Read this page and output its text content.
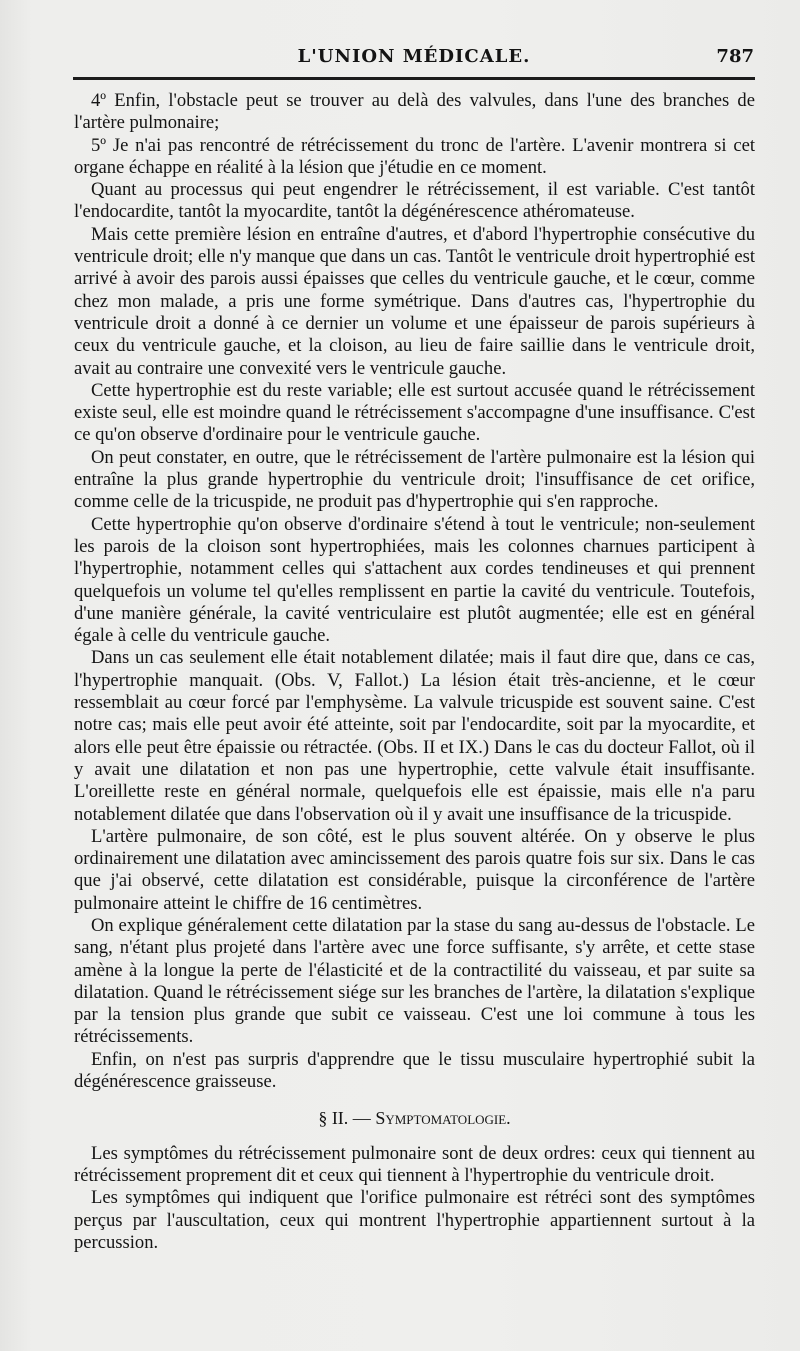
L'UNION MÉDICALE.	787

4º Enfin, l'obstacle peut se trouver au delà des valvules, dans l'une des branches de l'artère pulmonaire;

5º Je n'ai pas rencontré de rétrécissement du tronc de l'artère. L'avenir montrera si cet organe échappe en réalité à la lésion que j'étudie en ce moment.

Quant au processus qui peut engendrer le rétrécissement, il est variable. C'est tantôt l'endocardite, tantôt la myocardite, tantôt la dégénérescence athéromateuse.

Mais cette première lésion en entraîne d'autres, et d'abord l'hypertrophie consécutive du ventricule droit; elle n'y manque que dans un cas. Tantôt le ventricule droit hypertrophié est arrivé à avoir des parois aussi épaisses que celles du ventricule gauche, et le cœur, comme chez mon malade, a pris une forme symétrique. Dans d'autres cas, l'hypertrophie du ventricule droit a donné à ce dernier un volume et une épaisseur de parois supérieurs à ceux du ventricule gauche, et la cloison, au lieu de faire saillie dans le ventricule droit, avait au contraire une convexité vers le ventricule gauche.

Cette hypertrophie est du reste variable; elle est surtout accusée quand le rétrécissement existe seul, elle est moindre quand le rétrécissement s'accompagne d'une insuffisance. C'est ce qu'on observe d'ordinaire pour le ventricule gauche.

On peut constater, en outre, que le rétrécissement de l'artère pulmonaire est la lésion qui entraîne la plus grande hypertrophie du ventricule droit; l'insuffisance de cet orifice, comme celle de la tricuspide, ne produit pas d'hypertrophie qui s'en rapproche.

Cette hypertrophie qu'on observe d'ordinaire s'étend à tout le ventricule; non-seulement les parois de la cloison sont hypertrophiées, mais les colonnes charnues participent à l'hypertrophie, notamment celles qui s'attachent aux cordes tendineuses et qui prennent quelquefois un volume tel qu'elles remplissent en partie la cavité du ventricule. Toutefois, d'une manière générale, la cavité ventriculaire est plutôt augmentée; elle est en général égale à celle du ventricule gauche.

Dans un cas seulement elle était notablement dilatée; mais il faut dire que, dans ce cas, l'hypertrophie manquait. (Obs. V, Fallot.) La lésion était très-ancienne, et le cœur ressemblait au cœur forcé par l'emphysème. La valvule tricuspide est souvent saine. C'est notre cas; mais elle peut avoir été atteinte, soit par l'endocardite, soit par la myocardite, et alors elle peut être épaissie ou rétractée. (Obs. II et IX.) Dans le cas du docteur Fallot, où il y avait une dilatation et non pas une hypertrophie, cette valvule était insuffisante. L'oreillette reste en général normale, quelquefois elle est épaissie, mais elle n'a paru notablement dilatée que dans l'observation où il y avait une insuffisance de la tricuspide.

L'artère pulmonaire, de son côté, est le plus souvent altérée. On y observe le plus ordinairement une dilatation avec amincissement des parois quatre fois sur six. Dans le cas que j'ai observé, cette dilatation est considérable, puisque la circonférence de l'artère pulmonaire atteint le chiffre de 16 centimètres.

On explique généralement cette dilatation par la stase du sang au-dessus de l'obstacle. Le sang, n'étant plus projeté dans l'artère avec une force suffisante, s'y arrête, et cette stase amène à la longue la perte de l'élasticité et de la contractilité du vaisseau, et par suite sa dilatation. Quand le rétrécissement siége sur les branches de l'artère, la dilatation s'explique par la tension plus grande que subit ce vaisseau. C'est une loi commune à tous les rétrécissements.

Enfin, on n'est pas surpris d'apprendre que le tissu musculaire hypertrophié subit la dégénérescence graisseuse.

§ II. — Symptomatologie.

Les symptômes du rétrécissement pulmonaire sont de deux ordres: ceux qui tiennent au rétrécissement proprement dit et ceux qui tiennent à l'hypertrophie du ventricule droit.

Les symptômes qui indiquent que l'orifice pulmonaire est rétréci sont des symptômes perçus par l'auscultation, ceux qui montrent l'hypertrophie appartiennent surtout à la percussion.
